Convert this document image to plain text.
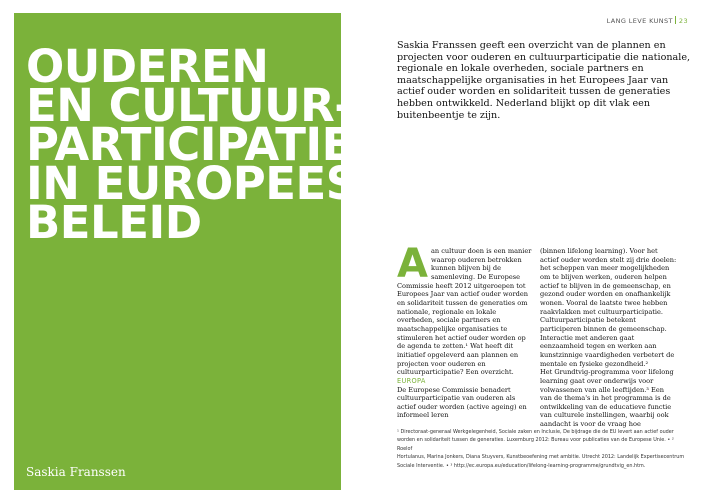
OUDEREN
EN CULTUUR-
PARTICIPATIE
IN EUROPEES
BELEID
Saskia Franssen
LANG LEVE KUNST 23

Saskia Franssen geeft een overzicht van de plannen en projecten voor ouderen en cultuurparticipatie die nationale, regionale en lokale overheden, sociale partners en maatschappelijke organisaties in het Europees Jaar van actief ouder worden en solidariteit tussen de generaties hebben ontwikkeld. Nederland blijkt op dit vlak een buitenbeentje te zijn.

Aan cultuur doen is een manier waarop ouderen betrokken kunnen blijven bij de samenleving. De Europese Commissie heeft 2012 uitgeroepen tot Europees Jaar van actief ouder worden en solidariteit tussen de generaties om nationale, regionale en lokale overheden, sociale partners en maatschappelijke organisaties te stimuleren het actief ouder worden op de agenda te zetten.¹ Wat heeft dit initiatief opgeleverd aan plannen en projecten voor ouderen en cultuurparticipatie? Een overzicht.

EUROPA

De Europese Commissie benadert cultuurparticipatie van ouderen als actief ouder worden (active ageing) en informeel leren

(binnen lifelong learning). Voor het actief ouder worden stelt zij drie doelen: het scheppen van meer mogelijkheden om te blijven werken, ouderen helpen actief te blijven in de gemeenschap, en gezond ouder worden en onafhankelijk wonen. Vooral de laatste twee hebben raakvlakken met cultuurparticipatie. Cultuurparticipatie betekent participeren binnen de gemeenschap. Interactie met anderen gaat eenzaamheid tegen en werken aan kunstzinnige vaardigheden verbetert de mentale en fysieke gezondheid.²

Het Grundtvig-programma voor lifelong learning gaat over onderwijs voor volwassenen van alle leeftijden.³ Een van de thema's in het programma is de ontwikkeling van de educatieve functie van culturele instellingen, waarbij ook aandacht is voor de vraag hoe

¹ Directoraat-generaal Werkgelegenheid, Sociale zaken en Inclusie, De bijdrage die de EU levert aan actief ouder

worden en solidariteit tussen de generaties. Luxemburg 2012: Bureau voor publicaties van de Europese Unie. • ² Roelof

Hortulanus, Marina Jonkers, Diana Stuyvers, Kunstbeoefening met ambitie. Utrecht 2012: Landelijk Expertisecentrum

Sociale Interventie. • ³ http://ec.europa.eu/education/lifelong-learning-programme/grundtvig_en.htm.
